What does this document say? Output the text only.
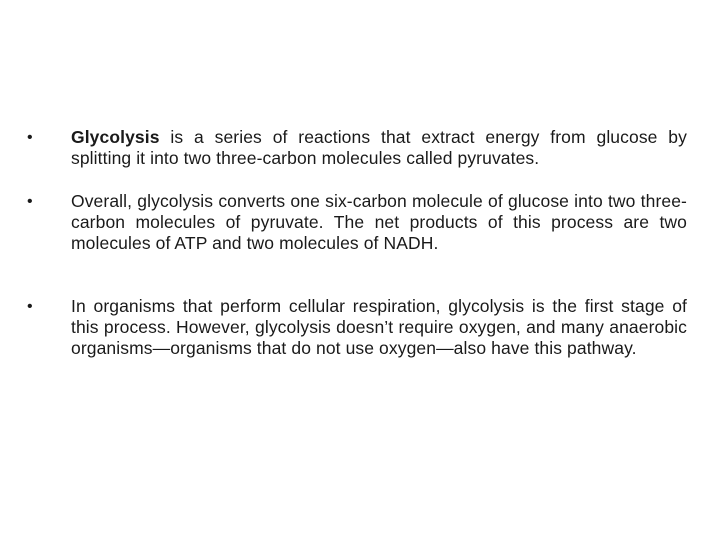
•	Glycolysis is a series of reactions that extract energy from glucose by splitting it into two three-carbon molecules called pyruvates.
•	Overall, glycolysis converts one six-carbon molecule of glucose into two three-carbon molecules of pyruvate. The net products of this process are two molecules of ATP and two molecules of NADH.
•	In organisms that perform cellular respiration, glycolysis is the first stage of this process. However, glycolysis doesn’t require oxygen, and many anaerobic organisms—organisms that do not use oxygen—also have this pathway.
